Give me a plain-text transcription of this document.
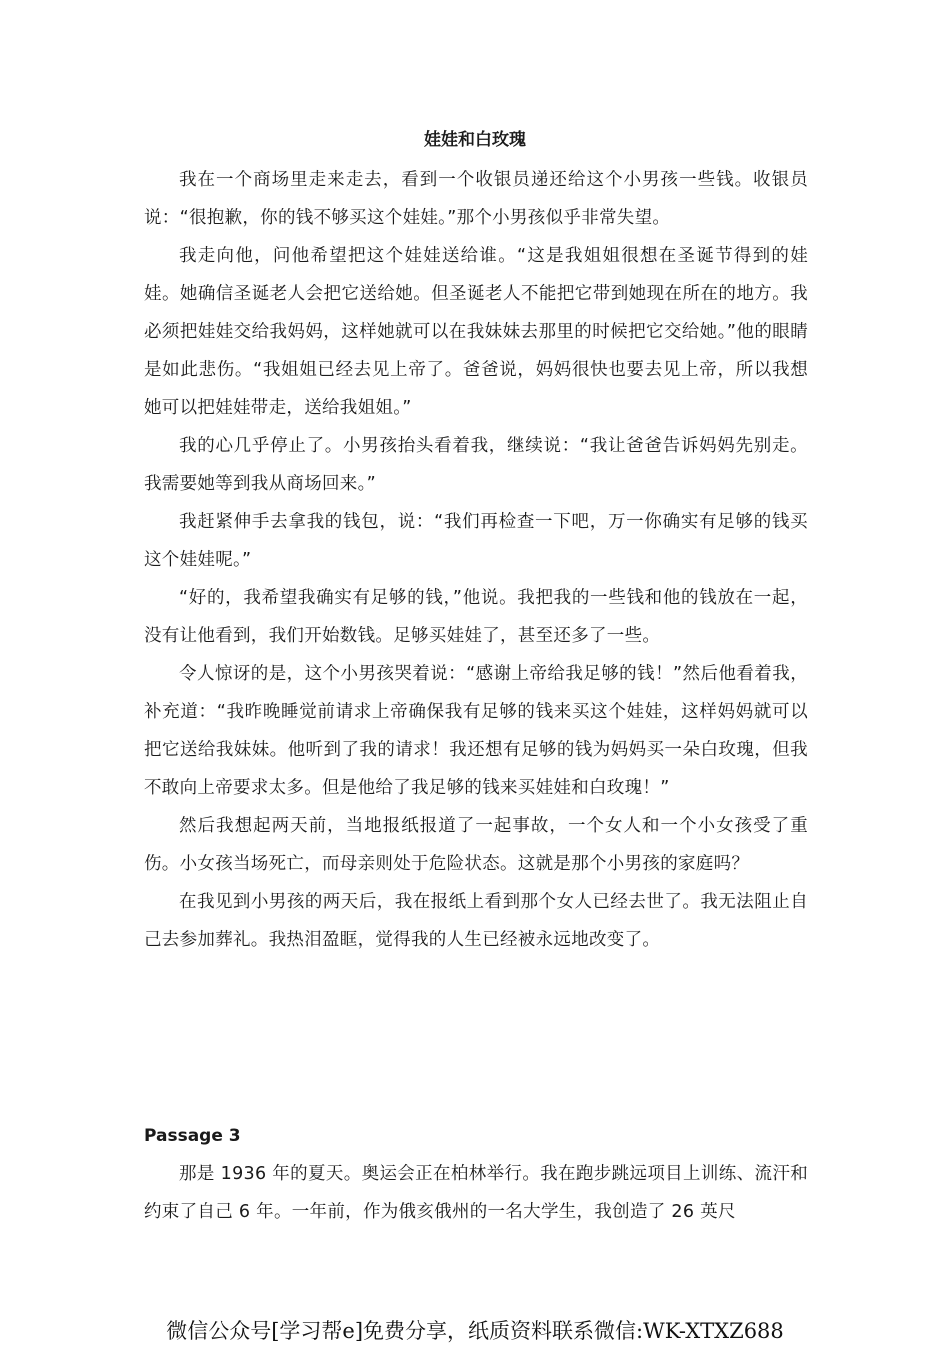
娃娃和白玫瑰

我在一个商场里走来走去，看到一个收银员递还给这个小男孩一些钱。收银员说：“很抱歉，你的钱不够买这个娃娃。”那个小男孩似乎非常失望。

我走向他，问他希望把这个娃娃送给谁。“这是我姐姐很想在圣诞节得到的娃娃。她确信圣诞老人会把它送给她。但圣诞老人不能把它带到她现在所在的地方。我必须把娃娃交给我妈妈，这样她就可以在我妹妹去那里的时候把它交给她。”他的眼睛是如此悲伤。“我姐姐已经去见上帝了。爸爸说，妈妈很快也要去见上帝，所以我想她可以把娃娃带走，送给我姐姐。”

我的心几乎停止了。小男孩抬头看着我，继续说：“我让爸爸告诉妈妈先别走。我需要她等到我从商场回来。”

我赶紧伸手去拿我的钱包，说：“我们再检查一下吧，万一你确实有足够的钱买这个娃娃呢。”

“好的，我希望我确实有足够的钱，”他说。我把我的一些钱和他的钱放在一起，没有让他看到，我们开始数钱。足够买娃娃了，甚至还多了一些。

令人惊讶的是，这个小男孩哭着说：“感谢上帝给我足够的钱！”然后他看着我，补充道：“我昨晚睡觉前请求上帝确保我有足够的钱来买这个娃娃，这样妈妈就可以把它送给我妹妹。他听到了我的请求！我还想有足够的钱为妈妈买一朵白玫瑰，但我不敢向上帝要求太多。但是他给了我足够的钱来买娃娃和白玫瑰！”

然后我想起两天前，当地报纸报道了一起事故，一个女人和一个小女孩受了重伤。小女孩当场死亡，而母亲则处于危险状态。这就是那个小男孩的家庭吗？

在我见到小男孩的两天后，我在报纸上看到那个女人已经去世了。我无法阻止自己去参加葬礼。我热泪盈眶，觉得我的人生已经被永远地改变了。

Passage 3

那是 1936 年的夏天。奥运会正在柏林举行。我在跑步跳远项目上训练、流汗和约束了自己 6 年。一年前，作为俄亥俄州的一名大学生，我创造了 26 英尺

微信公众号[学习帮e]免费分享，纸质资料联系微信:WK-XTXZ688
